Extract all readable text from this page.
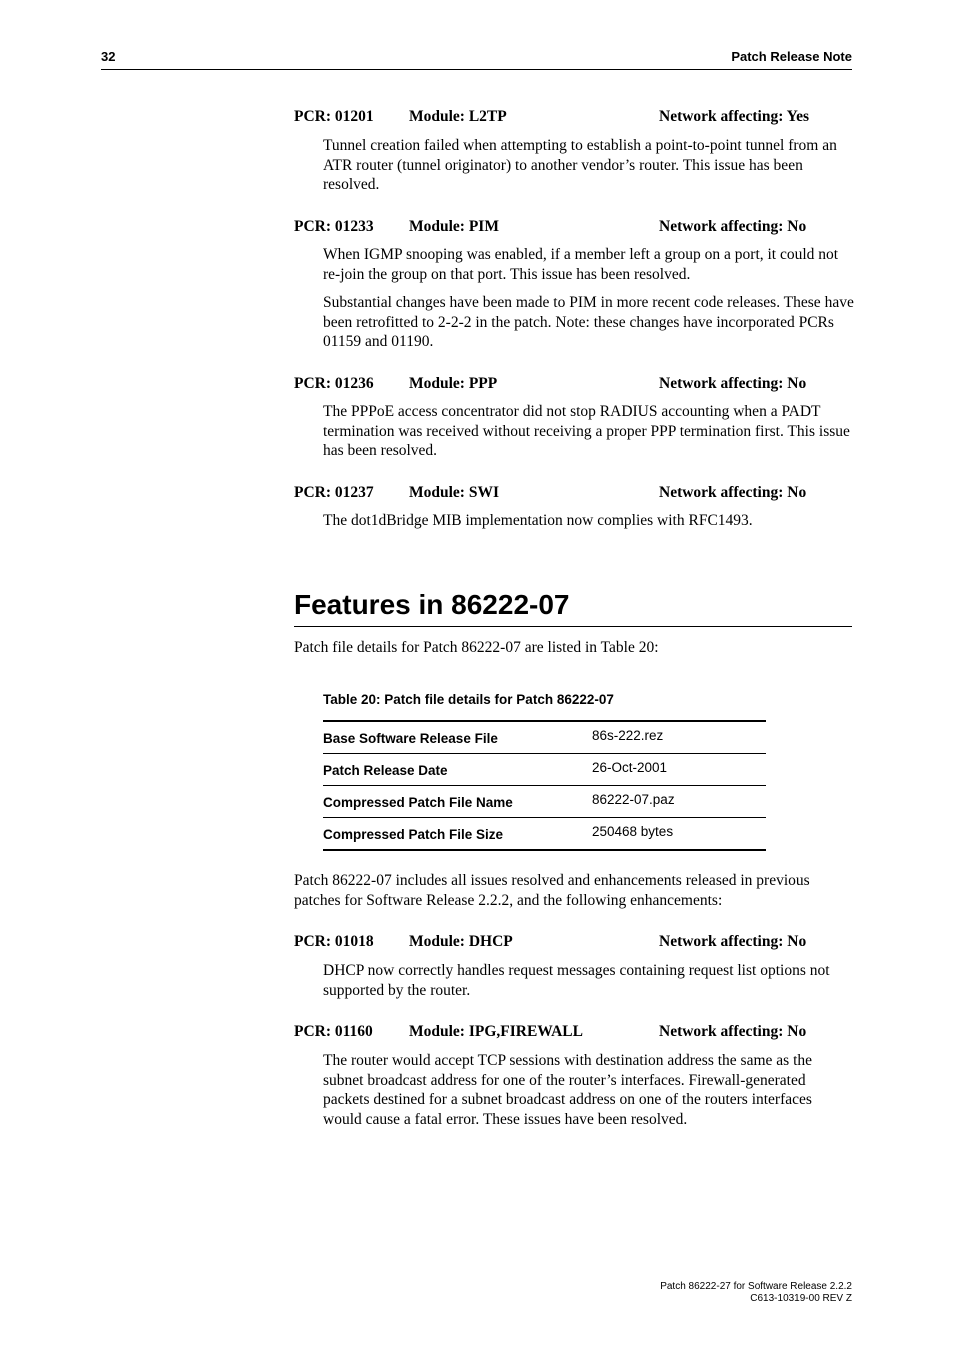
32	Patch Release Note
PCR: 01201 Module: L2TP	Network affecting: Yes
Tunnel creation failed when attempting to establish a point-to-point tunnel from an ATR router (tunnel originator) to another vendor’s router. This issue has been resolved.
PCR: 01233 Module: PIM	Network affecting: No
When IGMP snooping was enabled, if a member left a group on a port, it could not re-join the group on that port. This issue has been resolved.
Substantial changes have been made to PIM in more recent code releases. These have been retrofitted to 2-2-2 in the patch. Note: these changes have incorporated PCRs 01159 and 01190.
PCR: 01236 Module: PPP	Network affecting: No
The PPPoE access concentrator did not stop RADIUS accounting when a PADT termination was received without receiving a proper PPP termination first. This issue has been resolved.
PCR: 01237 Module: SWI	Network affecting: No
The dot1dBridge MIB implementation now complies with RFC1493.
Features in 86222-07
Patch file details for Patch 86222-07 are listed in Table 20:
Table 20: Patch file details for Patch 86222-07
Base Software Release File	86s-222.rez
Patch Release Date	26-Oct-2001
Compressed Patch File Name	86222-07.paz
Compressed Patch File Size	250468 bytes
Patch 86222-07 includes all issues resolved and enhancements released in previous patches for Software Release 2.2.2, and the following enhancements:
PCR: 01018 Module: DHCP	Network affecting: No
DHCP now correctly handles request messages containing request list options not supported by the router.
PCR: 01160 Module: IPG,FIREWALL	Network affecting: No
The router would accept TCP sessions with destination address the same as the subnet broadcast address for one of the router’s interfaces. Firewall-generated packets destined for a subnet broadcast address on one of the routers interfaces would cause a fatal error. These issues have been resolved.
Patch 86222-27 for Software Release 2.2.2
C613-10319-00 REV Z
